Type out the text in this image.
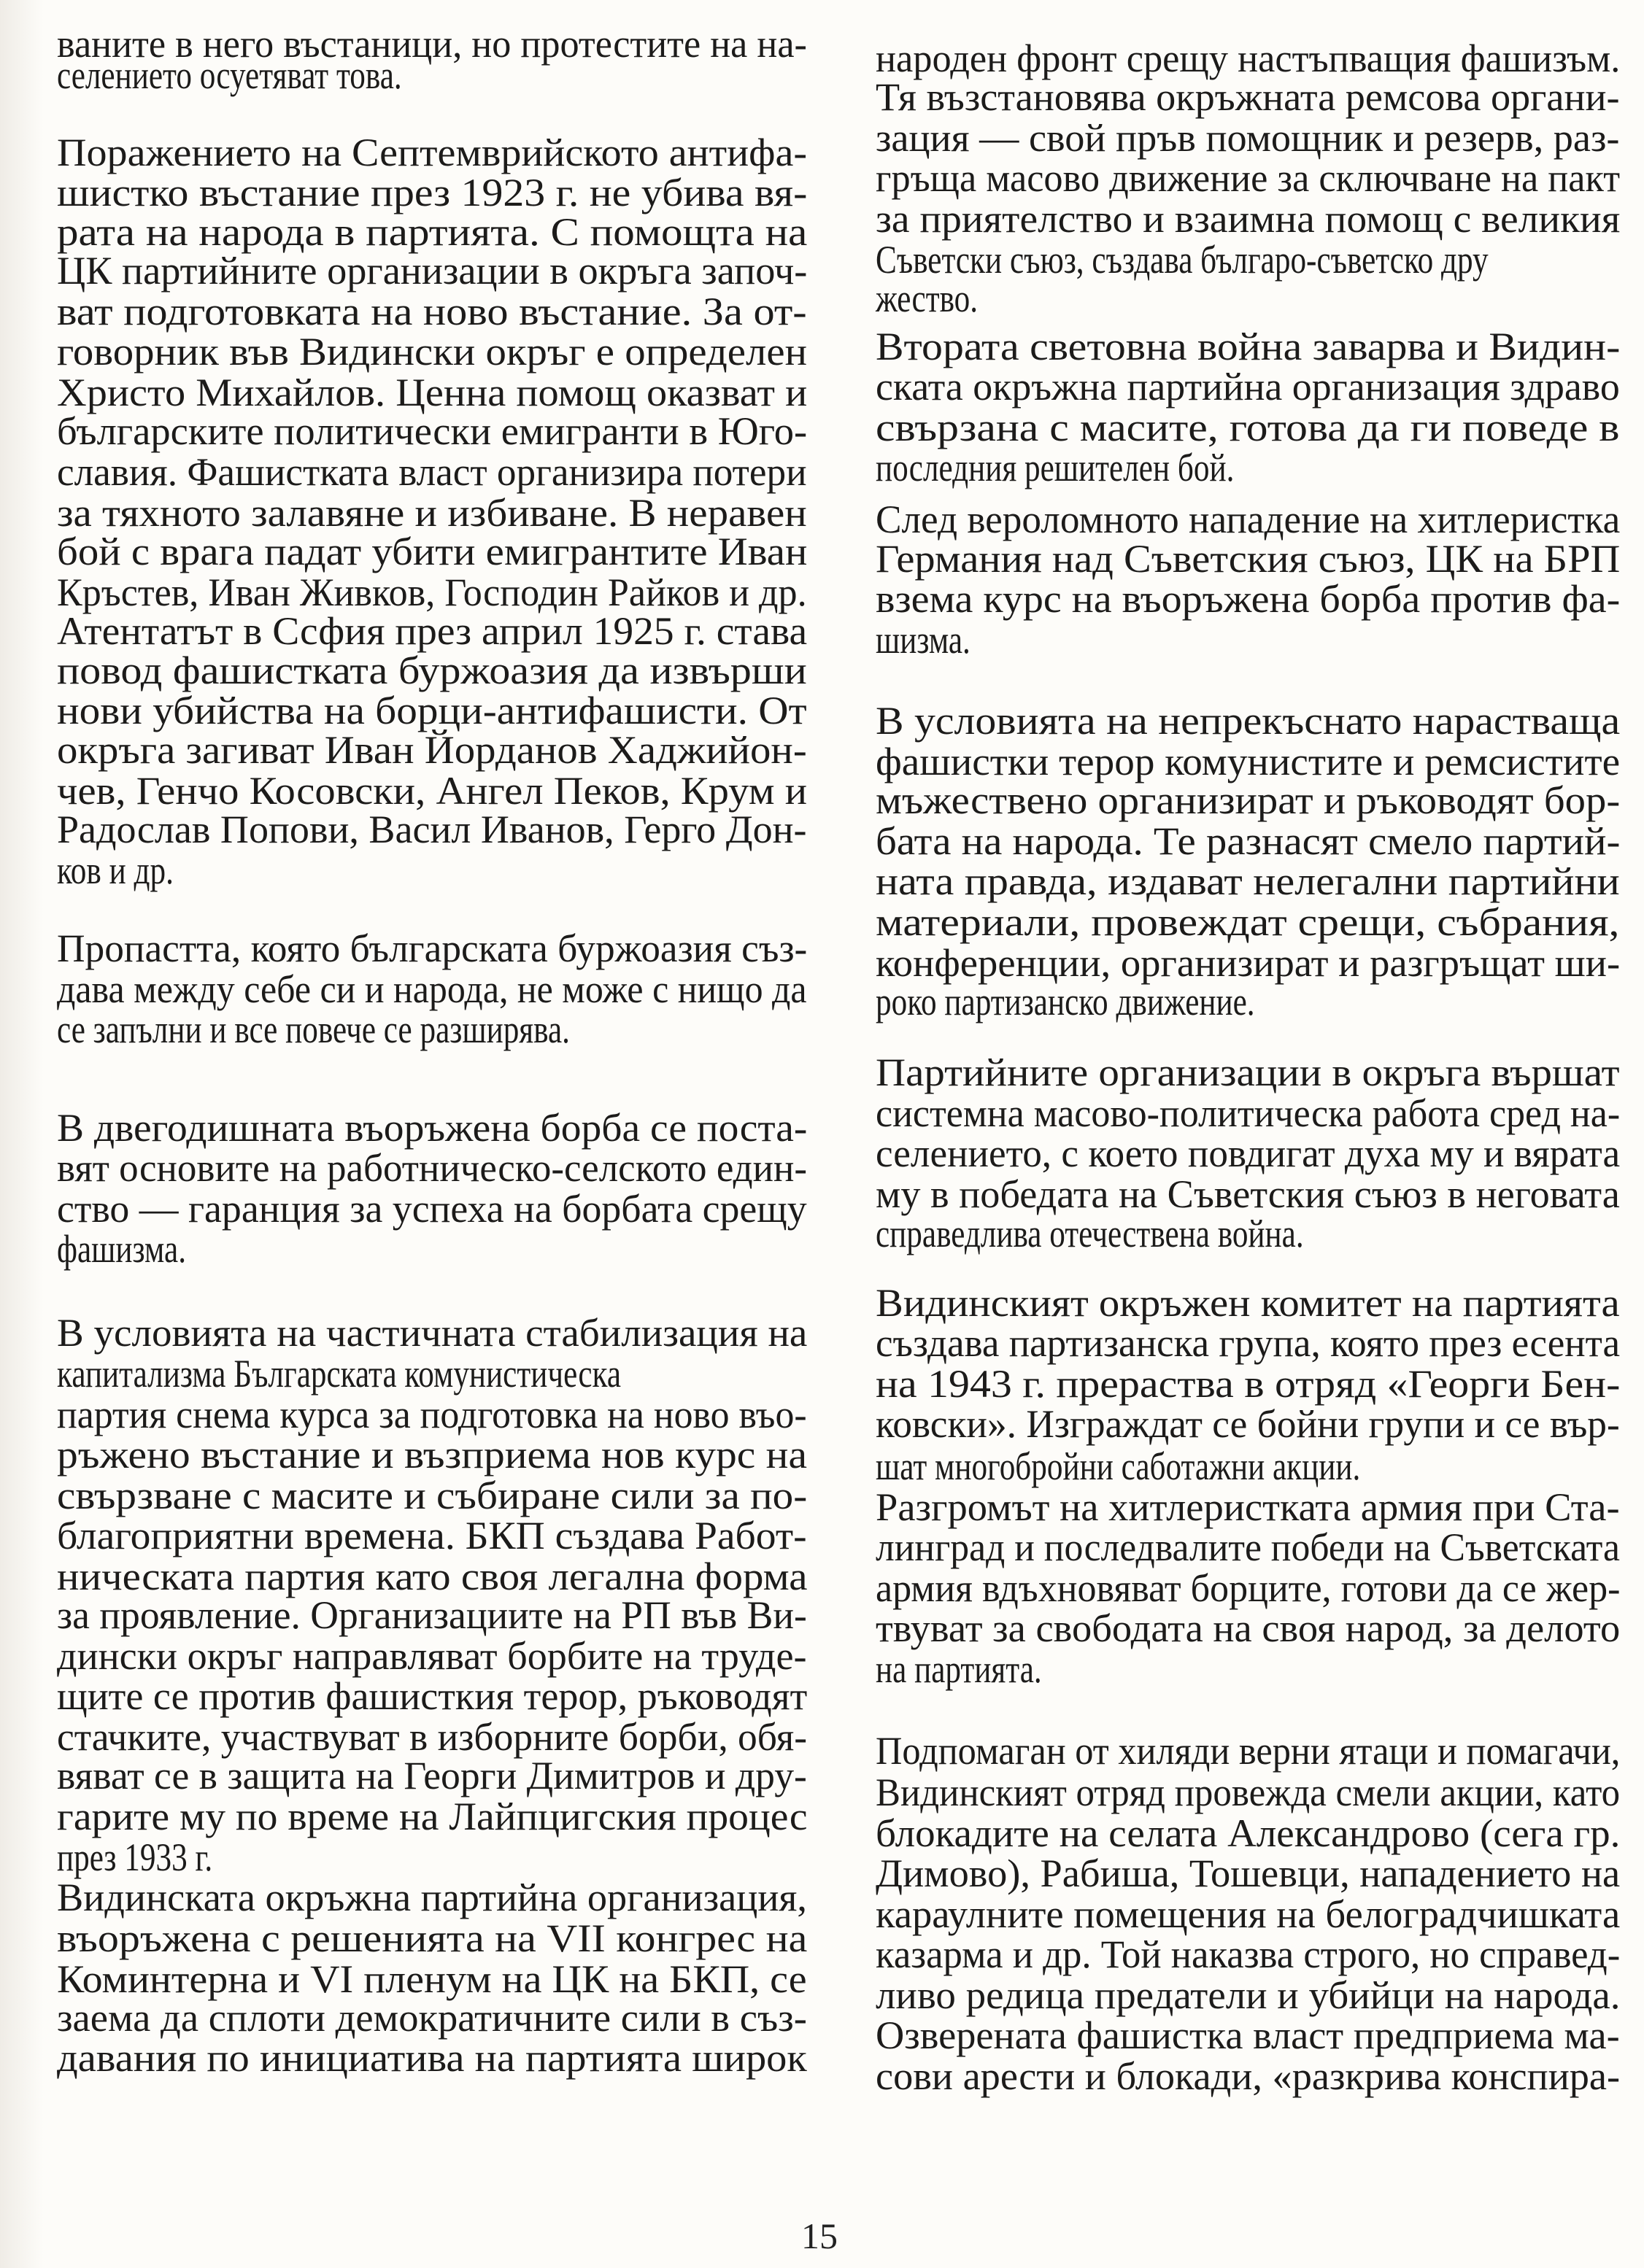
ваните в него въстаници, но протестите на на-
селението осуетяват това.
Поражението на Септемврийското антифа-
шистко въстание през 1923 г. не убива вя-
рата на народа в партията. С помощта на
ЦК партийните организации в окръга започ-
ват подготовката на ново въстание. За от-
говорник във Видински окръг е определен
Христо Михайлов. Ценна помощ оказват и
българските политически емигранти в Юго-
славия. Фашистката власт организира потери
за тяхното залавяне и избиване. В неравен
бой с врага падат убити емигрантите Иван
Кръстев, Иван Живков, Господин Райков и др.
Атентатът в Ссфия през април 1925 г. става
повод фашистката буржоазия да извърши
нови убийства на борци-антифашисти. От
окръга загиват Иван Йорданов Хаджийон-
чев, Генчо Косовски, Ангел Пеков, Крум и
Радослав Попови, Васил Иванов, Герго Дон-
ков и др.
Пропастта, която българската буржоазия съз-
дава между себе си и народа, не може с нищо да
се запълни и все повече се разширява.
В двегодишната въоръжена борба се поста-
вят основите на работническо-селското един-
ство — гаранция за успеха на борбата срещу
фашизма.
В условията на частичната стабилизация на
капитализма Българската комунистическа
партия снема курса за подготовка на ново въо-
ръжено въстание и възприема нов курс на
свързване с масите и събиране сили за по-
благоприятни времена. БКП създава Работ-
ническата партия като своя легална форма
за проявление. Организациите на РП във Ви-
дински окръг направляват борбите на труде-
щите се против фашисткия терор, ръководят
стачките, участвуват в изборните борби, обя-
вяват се в защита на Георги Димитров и дру-
гарите му по време на Лайпцигския процес
през 1933 г.
Видинската окръжна партийна организация,
въоръжена с решенията на VII конгрес на
Коминтерна и VI пленум на ЦК на БКП, се
заема да сплоти демократичните сили в съз-
давания по инициатива на партията широк
народен фронт срещу настъпващия фашизъм.
Тя възстановява окръжната ремсова органи-
зация — свой пръв помощник и резерв, раз-
гръща масово движение за сключване на пакт
за приятелство и взаимна помощ с великия
Съветски съюз, създава българо-съветско дру
жество.
Втората световна война заварва и Видин-
ската окръжна партийна организация здраво
свързана с масите, готова да ги поведе в
последния решителен бой.
След вероломното нападение на хитлеристка
Германия над Съветския съюз, ЦК на БРП
взема курс на въоръжена борба против фа-
шизма.
В условията на непрекъснато нарастваща
фашистки терор комунистите и ремсистите
мъжествено организират и ръководят бор-
бата на народа. Те разнасят смело партий-
ната правда, издават нелегални партийни
материали, провеждат срещи, събрания,
конференции, организират и разгръщат ши-
роко партизанско движение.
Партийните организации в окръга вършат
системна масово-политическа работа сред на-
селението, с което повдигат духа му и вярата
му в победата на Съветския съюз в неговата
справедлива отечествена война.
Видинският окръжен комитет на партията
създава партизанска група, която през есента
на 1943 г. прераства в отряд «Георги Бен-
ковски». Изграждат се бойни групи и се вър-
шат многобройни саботажни акции.
Разгромът на хитлеристката армия при Ста-
линград и последвалите победи на Съветската
армия вдъхновяват борците, готови да се жер-
твуват за свободата на своя народ, за делото
на партията.
Подпомаган от хиляди верни ятаци и помагачи,
Видинският отряд провежда смели акции, като
блокадите на селата Александрово (сега гр.
Димово), Рабиша, Тошевци, нападението на
караулните помещения на белоградчишката
казарма и др. Той наказва строго, но справед-
ливо редица предатели и убийци на народа.
Озверената фашистка власт предприема ма-
сови арести и блокади, «разкрива конспира-
15
